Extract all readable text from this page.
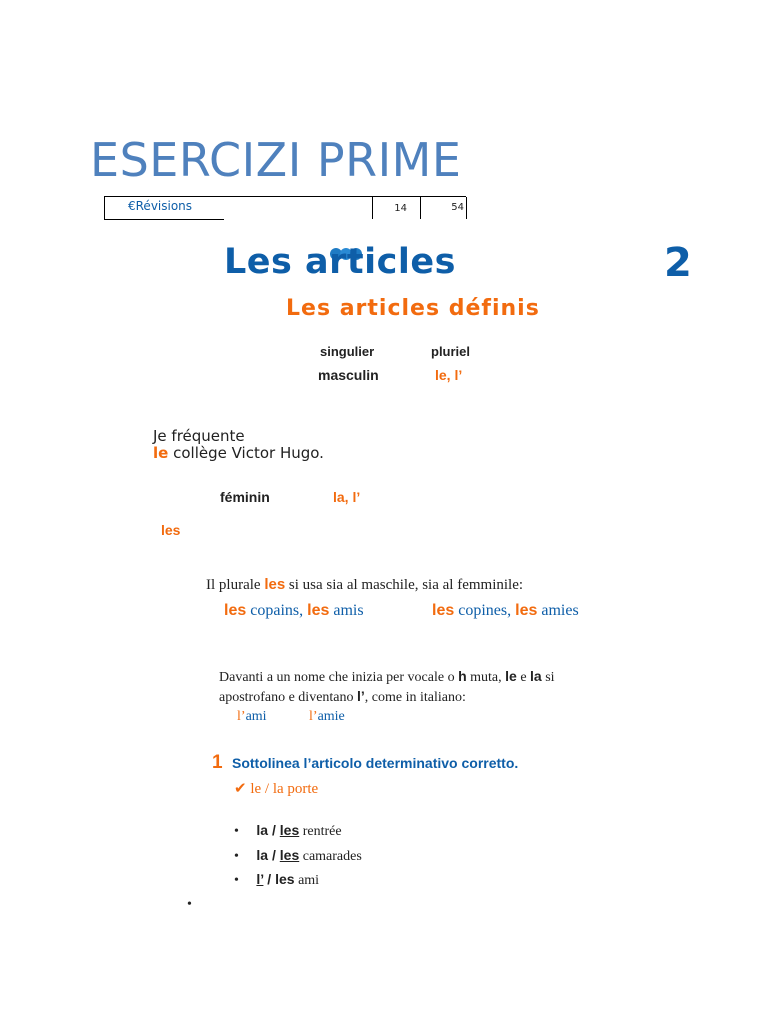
ESERCIZI PRIME
€Révisions	14	54
Les articles	2
Les articles définis
singulier	pluriel
masculin	le, l’
Je fréquente
le collège Victor Hugo.
féminin	la, l’
les
Il plurale les si usa sia al maschile, sia al femminile:
les copains, les amis	les copines, les amies
Davanti a un nome che inizia per vocale o h muta, le e la si
apostrofano e diventano l’, come in italiano:
l’ami	l’amie
1 Sottolinea l’articolo determinativo corretto.
✔ le / la porte
• la / les rentrée
• la / les camarades
• l’ / les ami
•
